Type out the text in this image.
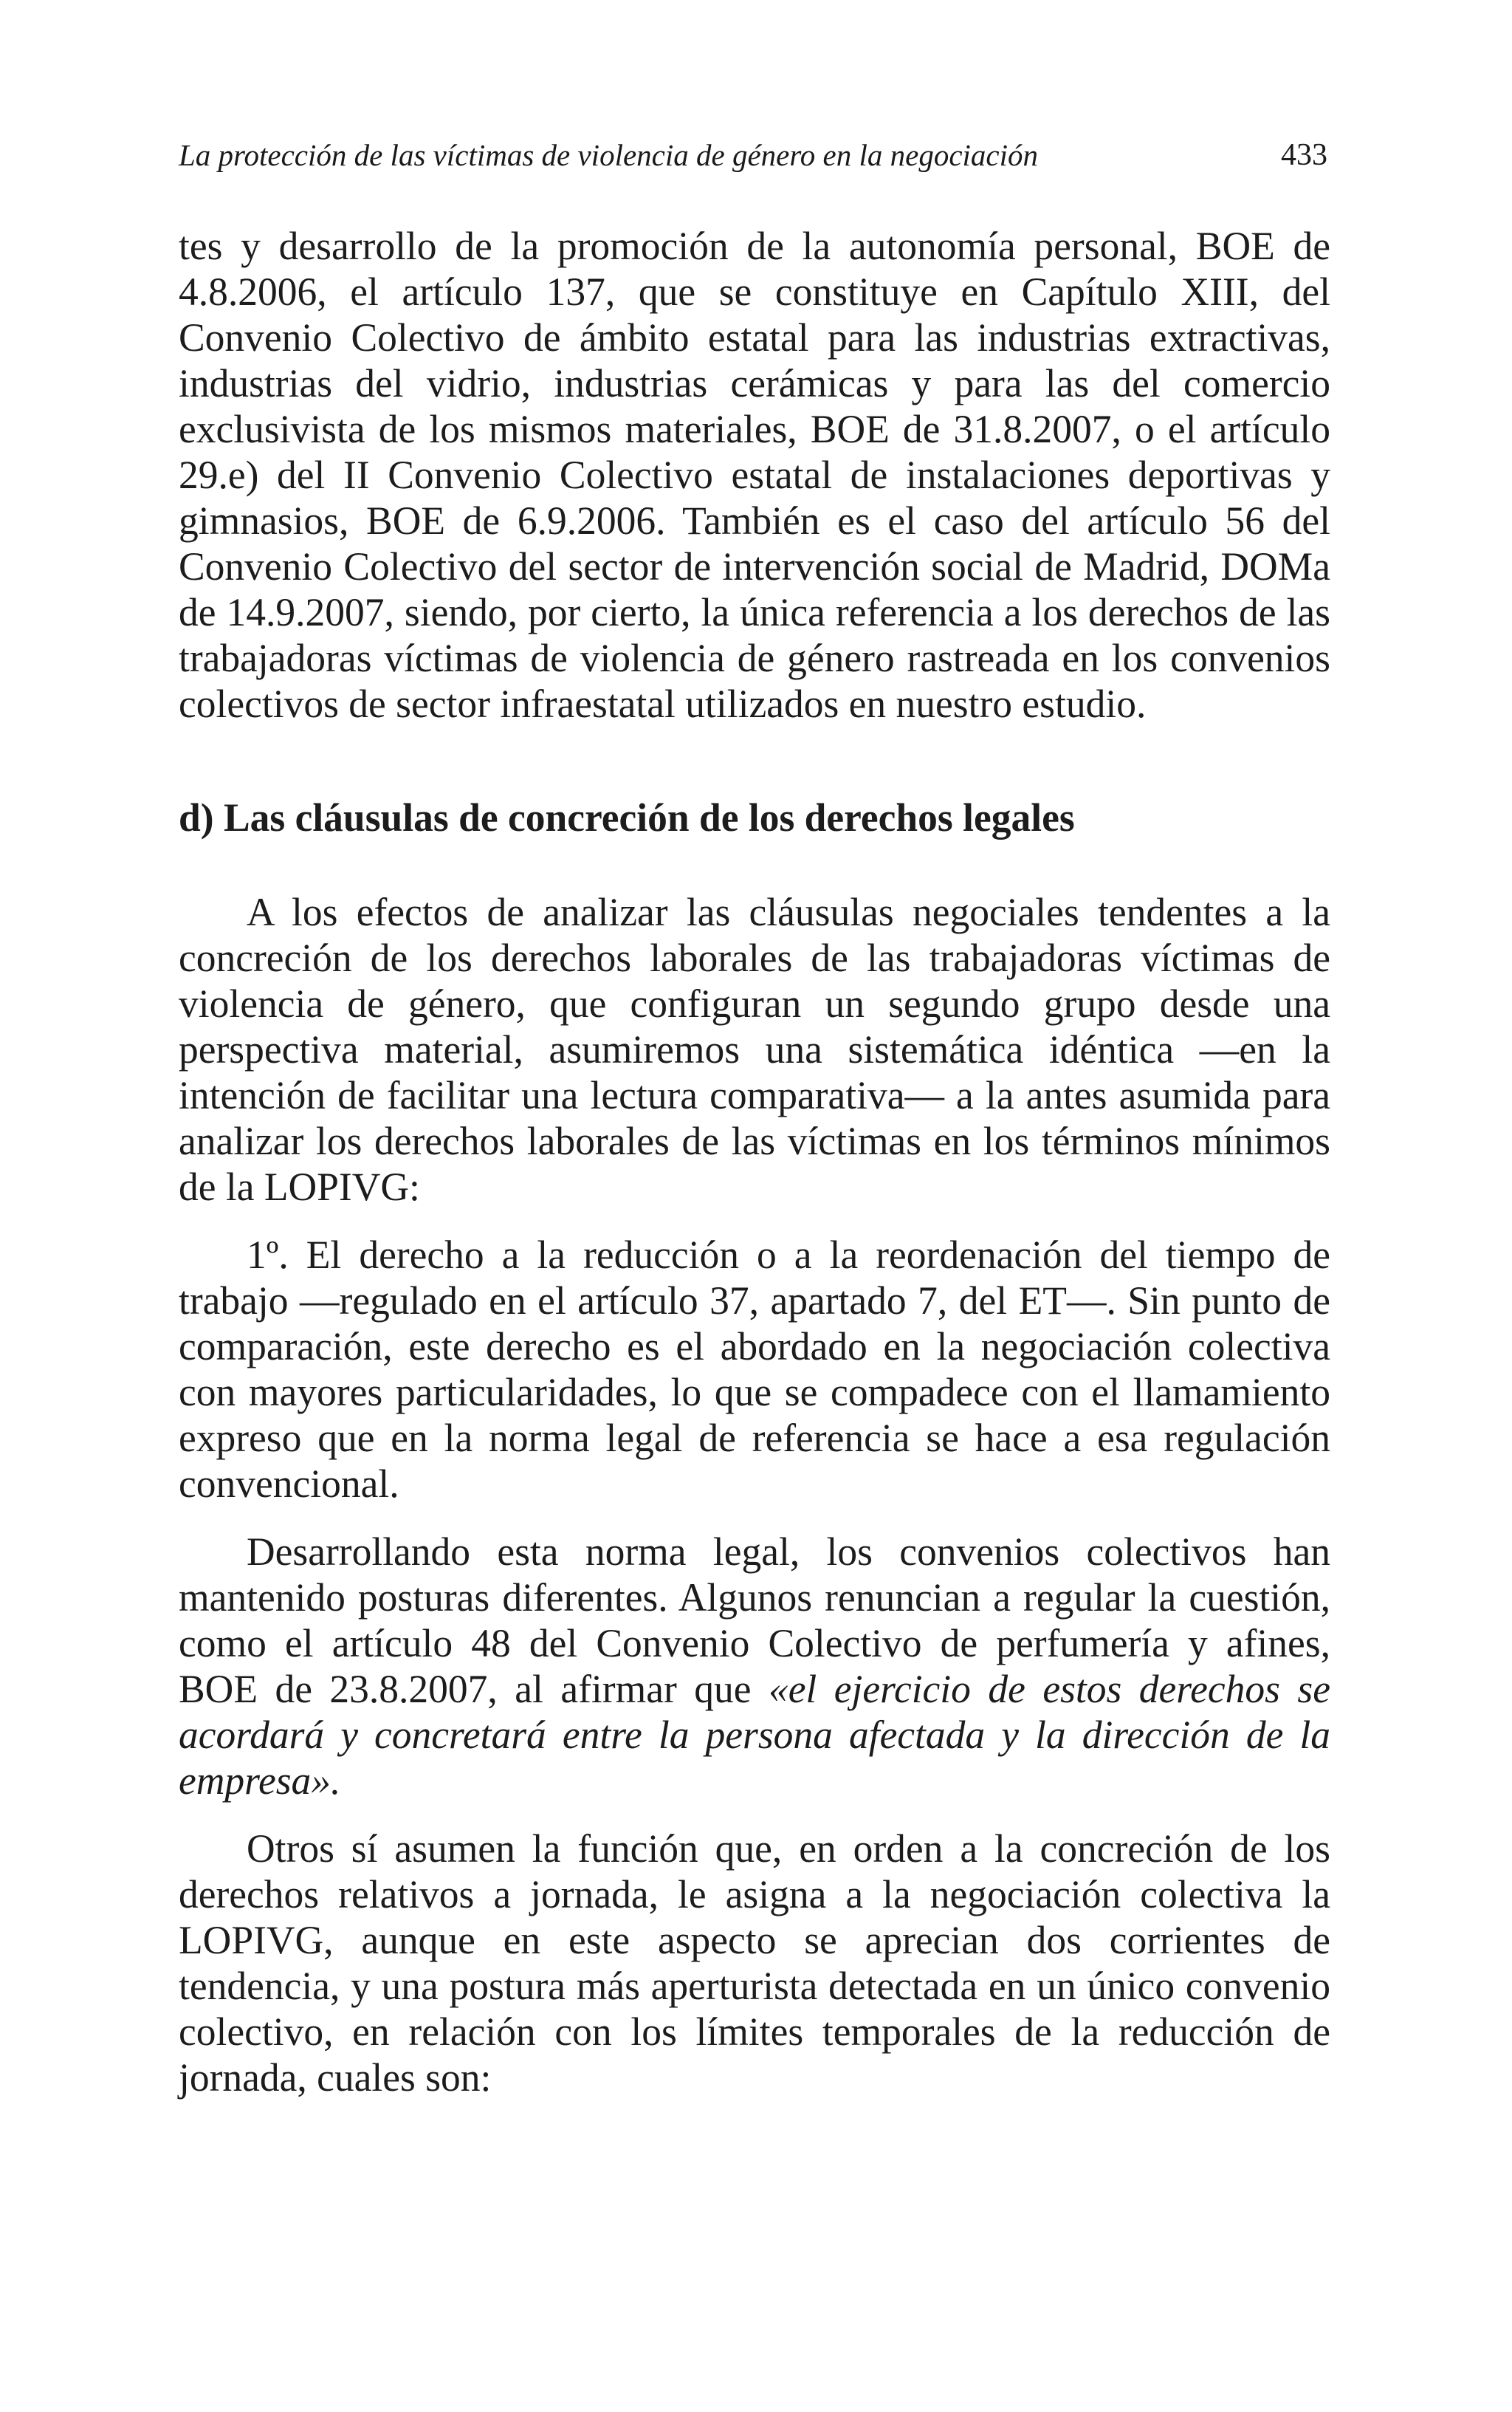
La protección de las víctimas de violencia de género en la negociación	433

tes y desarrollo de la promoción de la autonomía personal, BOE de 4.8.2006, el artículo 137, que se constituye en Capítulo XIII, del Convenio Colectivo de ámbito estatal para las industrias extractivas, industrias del vidrio, industrias cerámicas y para las del comercio exclusivista de los mismos materiales, BOE de 31.8.2007, o el artículo 29.e) del II Convenio Colectivo estatal de instalaciones deportivas y gimnasios, BOE de 6.9.2006. También es el caso del artículo 56 del Convenio Colectivo del sector de intervención social de Madrid, DOMa de 14.9.2007, siendo, por cierto, la única referencia a los derechos de las trabajadoras víctimas de violencia de género rastreada en los convenios colectivos de sector infraestatal utilizados en nuestro estudio.

d) Las cláusulas de concreción de los derechos legales

A los efectos de analizar las cláusulas negociales tendentes a la concreción de los derechos laborales de las trabajadoras víctimas de violencia de género, que configuran un segundo grupo desde una perspectiva material, asumiremos una sistemática idéntica —en la intención de facilitar una lectura comparativa— a la antes asumida para analizar los derechos laborales de las víctimas en los términos mínimos de la LOPIVG:

1º. El derecho a la reducción o a la reordenación del tiempo de trabajo —regulado en el artículo 37, apartado 7, del ET—. Sin punto de comparación, este derecho es el abordado en la negociación colectiva con mayores particularidades, lo que se compadece con el llamamiento expreso que en la norma legal de referencia se hace a esa regulación convencional.

Desarrollando esta norma legal, los convenios colectivos han mantenido posturas diferentes. Algunos renuncian a regular la cuestión, como el artículo 48 del Convenio Colectivo de perfumería y afines, BOE de 23.8.2007, al afirmar que «el ejercicio de estos derechos se acordará y concretará entre la persona afectada y la dirección de la empresa».

Otros sí asumen la función que, en orden a la concreción de los derechos relativos a jornada, le asigna a la negociación colectiva la LOPIVG, aunque en este aspecto se aprecian dos corrientes de tendencia, y una postura más aperturista detectada en un único convenio colectivo, en relación con los límites temporales de la reducción de jornada, cuales son:
